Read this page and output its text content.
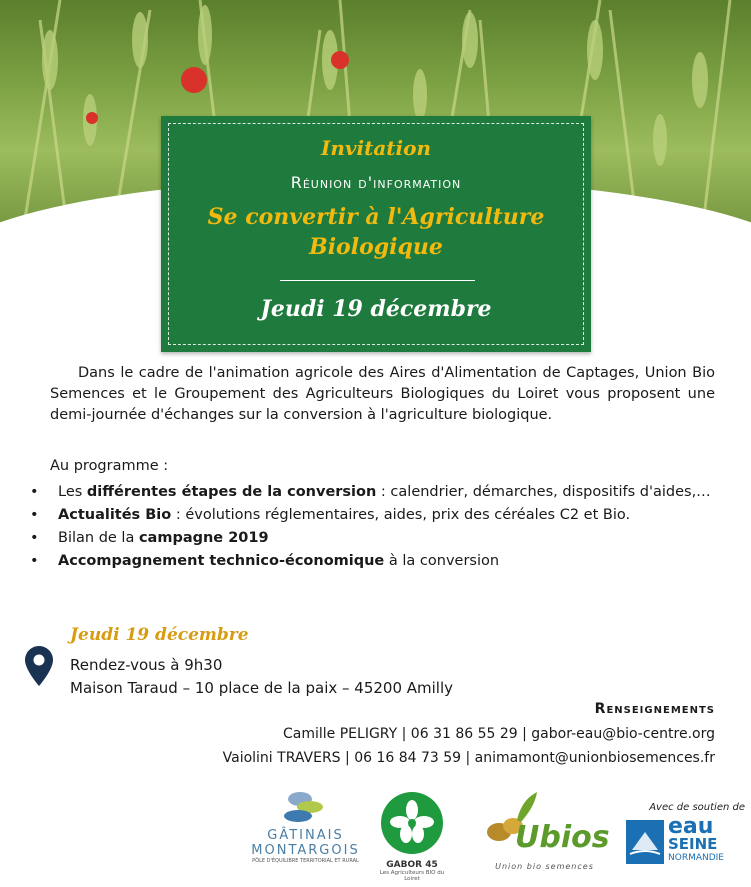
Invitation
Réunion d'information
Se convertir à l'Agriculture Biologique
Jeudi 19 décembre
Dans le cadre de l'animation agricole des Aires d'Alimentation de Captages, Union Bio Semences et le Groupement des Agriculteurs Biologiques du Loiret vous proposent une demi-journée d'échanges sur la conversion à l'agriculture biologique.
Au programme :
• Les différentes étapes de la conversion : calendrier, démarches, dispositifs d'aides,…
• Actualités Bio : évolutions réglementaires, aides, prix des céréales C2 et Bio.
• Bilan de la campagne 2019
• Accompagnement technico-économique à la conversion
Jeudi 19 décembre
Rendez-vous à 9h30
Maison Taraud – 10 place de la paix – 45200 Amilly
Renseignements
Camille PELIGRY | 06 31 86 55 29 | gabor-eau@bio-centre.org
Vaiolini TRAVERS | 06 16 84 73 59 | animamont@unionbiosemences.fr
GÂTINAIS
MONTARGOIS
PÔLE D'ÉQUILIBRE TERRITORIAL ET RURAL	GABOR 45
Les Agriculteurs BIO du Loiret
Ubios
Union bio semences
Avec de soutien de
eau
SEINE
NORMANDIE
